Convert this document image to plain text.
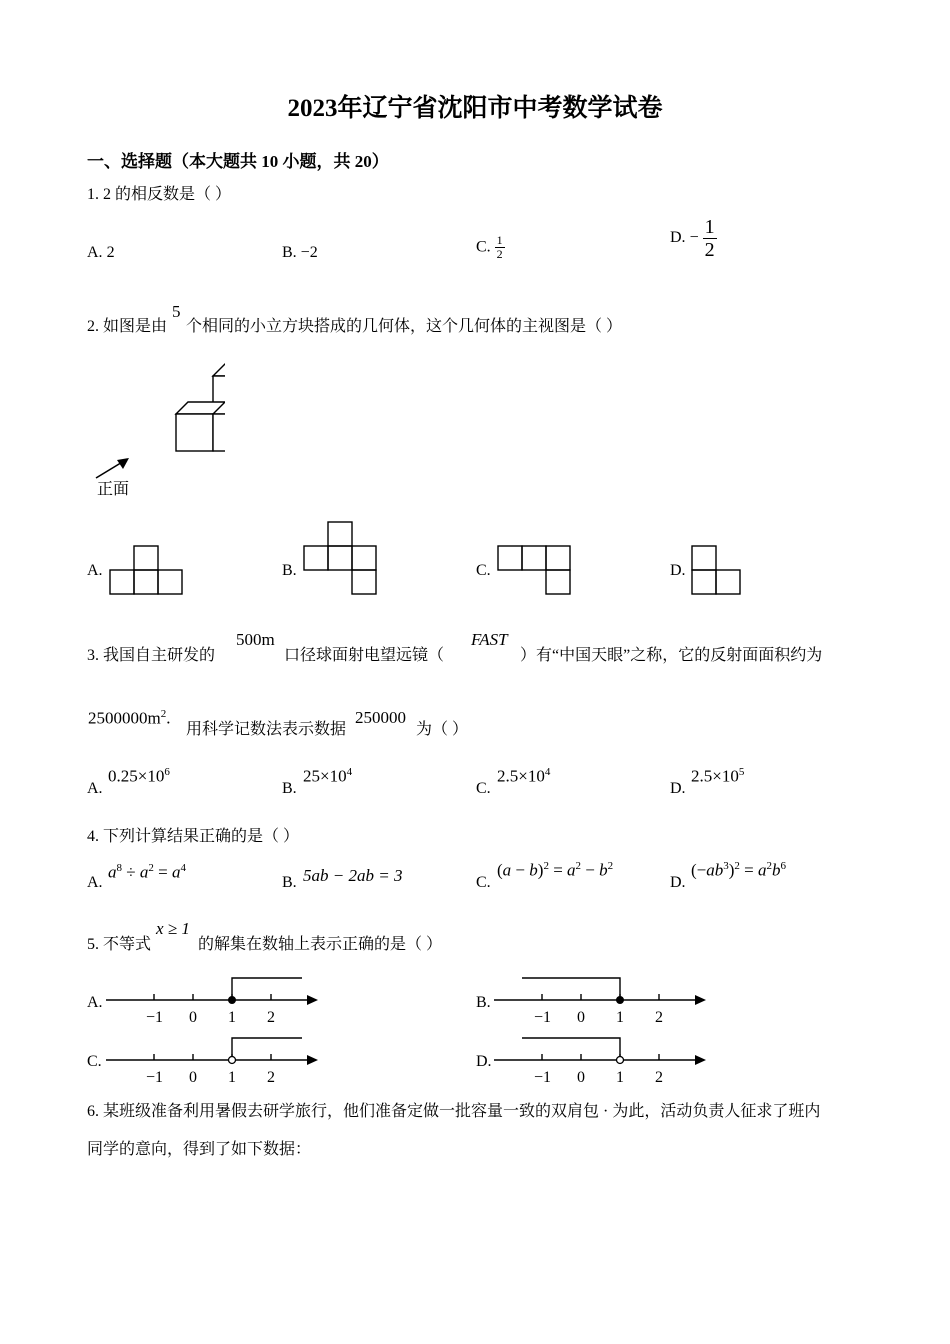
2023年辽宁省沈阳市中考数学试卷
一、选择题（本大题共 10 小题，共 20）
1. 2 的相反数是（ ）
A. 2	B. −2	C. $\frac{1}{2}$	D. − $\frac{1}{2}$
2. 如图是由
5
个相同的小立方块搭成的几何体，这个几何体的主视图是（ ）
正面
A.	B.	C.	D.
3. 我国自主研发的
500m
口径球面射电望远镜（
FAST
）有“中国天眼”之称，它的反射面面积约为
$2500000m^2$.
用科学记数法表示数据
250000
为（ ）
A.
$0.25\times 10^6$
B.
$25\times 10^4$
C.
$2.5\times 10^4$
D.
$2.5\times 10^5$
4. 下列计算结果正确的是（ ）
A.
$a^8 \div a^2 = a^4$
B. 5ab − 2ab = 3	C.
$(a - b)^2 = a^2 - b^2$
D.
$(-ab^3)^2 = a^2b^6$
5. 不等式
x ≥ 1
的解集在数轴上表示正确的是（ ）
A.
−1 0 1 2
B.
−1 0 1 2
C.
−1 0 1 2
D.
−1 0 1 2
6. 某班级准备利用暑假去研学旅行，他们准备定做一批容量一致的双肩包 · 为此，活动负责人征求了班内
同学的意向，得到了如下数据：
